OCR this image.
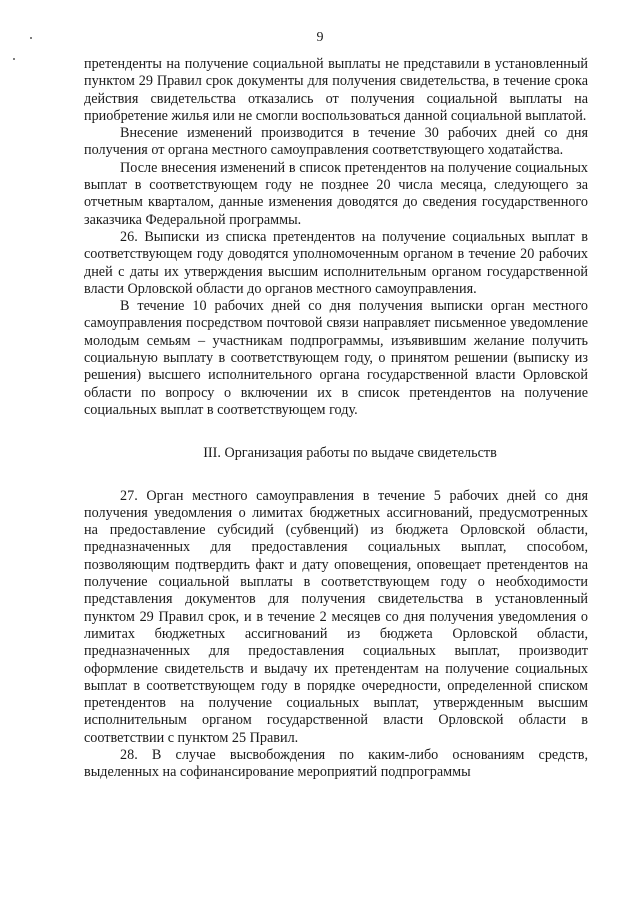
9

претенденты на получение социальной выплаты не представили в установленный пунктом 29 Правил срок документы для получения свидетельства, в течение срока действия свидетельства отказались от получения социальной выплаты на приобретение жилья или не смогли воспользоваться данной социальной выплатой.

Внесение изменений производится в течение 30 рабочих дней со дня получения от органа местного самоуправления соответствующего ходатайства.

После внесения изменений в список претендентов на получение социальных выплат в соответствующем году не позднее 20 числа месяца, следующего за отчетным кварталом, данные изменения доводятся до сведения государственного заказчика Федеральной программы.

26. Выписки из списка претендентов на получение социальных выплат в соответствующем году доводятся уполномоченным органом в течение 20 рабочих дней с даты их утверждения высшим исполнительным органом государственной власти Орловской области до органов местного самоуправления.

В течение 10 рабочих дней со дня получения выписки орган местного самоуправления посредством почтовой связи направляет письменное уведомление молодым семьям – участникам подпрограммы, изъявившим желание получить социальную выплату в соответствующем году, о принятом решении (выписку из решения) высшего исполнительного органа государственной власти Орловской области по вопросу о включении их в список претендентов на получение социальных выплат в соответствующем году.

III. Организация работы по выдаче свидетельств

27. Орган местного самоуправления в течение 5 рабочих дней со дня получения уведомления о лимитах бюджетных ассигнований, предусмотренных на предоставление субсидий (субвенций) из бюджета Орловской области, предназначенных для предоставления социальных выплат, способом, позволяющим подтвердить факт и дату оповещения, оповещает претендентов на получение социальной выплаты в соответствующем году о необходимости представления документов для получения свидетельства в установленный пунктом 29 Правил срок, и в течение 2 месяцев со дня получения уведомления о лимитах бюджетных ассигнований из бюджета Орловской области, предназначенных для предоставления социальных выплат, производит оформление свидетельств и выдачу их претендентам на получение социальных выплат в соответствующем году в порядке очередности, определенной списком претендентов на получение социальных выплат, утвержденным высшим исполнительным органом государственной власти Орловской области в соответствии с пунктом 25 Правил.

28. В случае высвобождения по каким-либо основаниям средств, выделенных на софинансирование мероприятий подпрограммы
